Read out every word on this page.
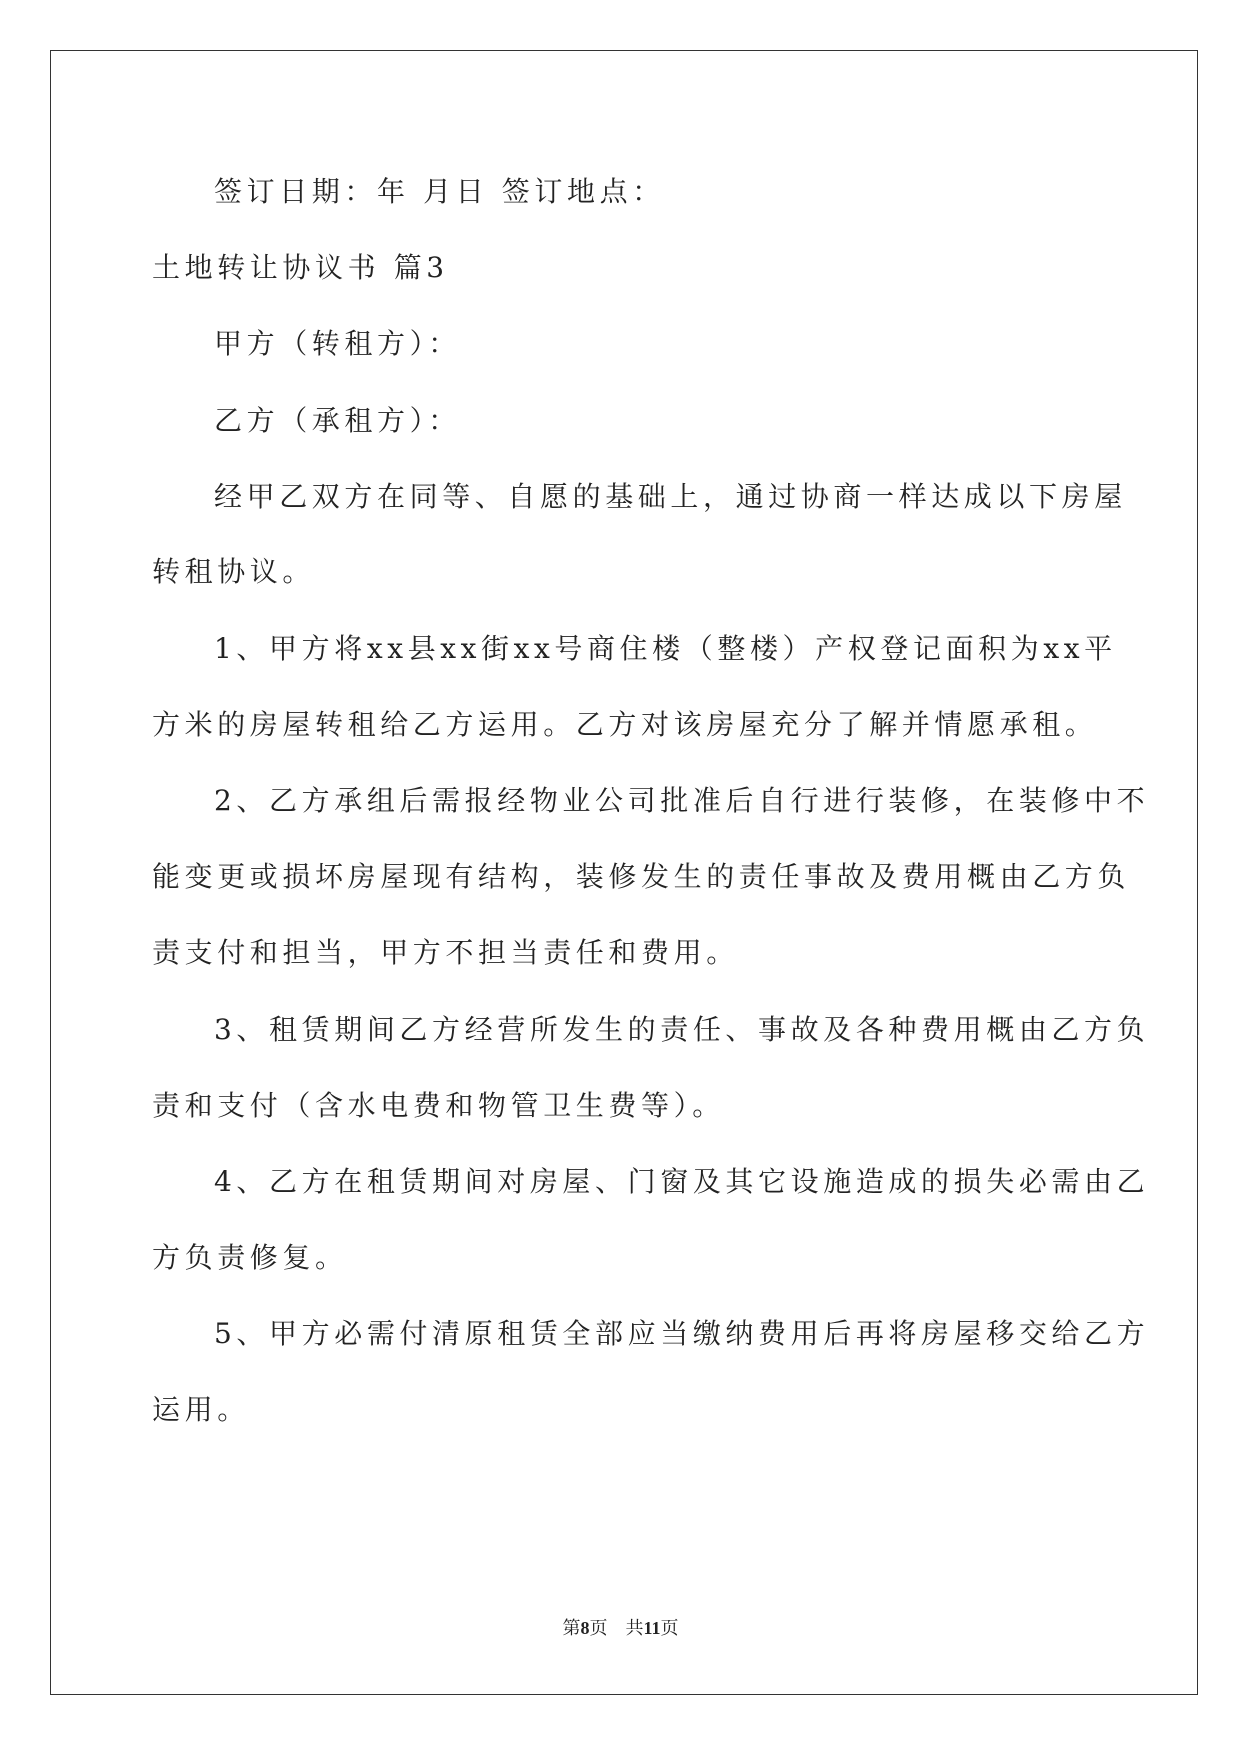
签订日期：年 月日 签订地点：
土地转让协议书 篇3
甲方（转租方）：
乙方（承租方）：
经甲乙双方在同等、自愿的基础上，通过协商一样达成以下房屋
转租协议。
1、甲方将xx县xx街xx号商住楼（整楼）产权登记面积为xx平
方米的房屋转租给乙方运用。乙方对该房屋充分了解并情愿承租。
2、乙方承组后需报经物业公司批准后自行进行装修，在装修中不
能变更或损坏房屋现有结构，装修发生的责任事故及费用概由乙方负
责支付和担当，甲方不担当责任和费用。
3、租赁期间乙方经营所发生的责任、事故及各种费用概由乙方负
责和支付（含水电费和物管卫生费等）。
4、乙方在租赁期间对房屋、门窗及其它设施造成的损失必需由乙
方负责修复。
5、甲方必需付清原租赁全部应当缴纳费用后再将房屋移交给乙方
运用。
第8页 共11页
